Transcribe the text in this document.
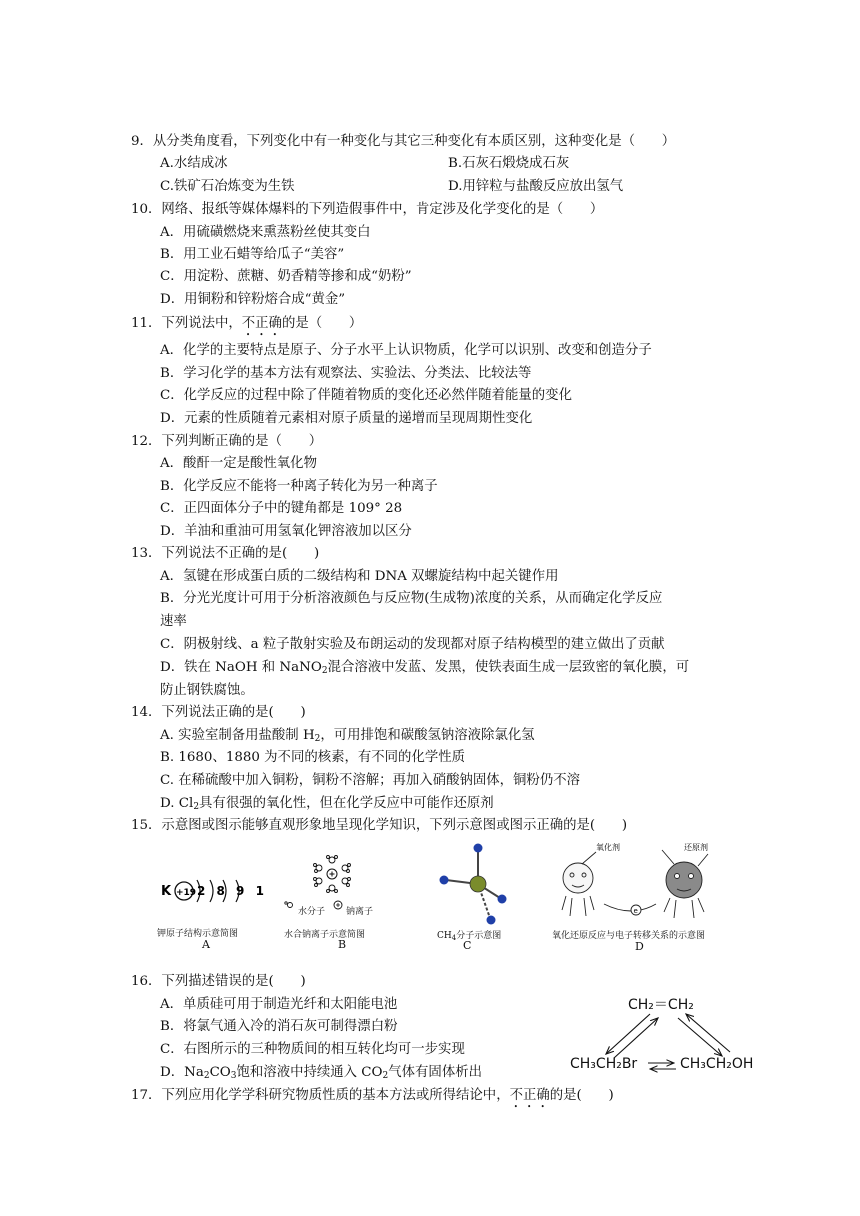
9．从分类角度看，下列变化中有一种变化与其它三种变化有本质区别，这种变化是（　　）
A.水结成冰	B.石灰石煅烧成石灰
C.铁矿石冶炼变为生铁	D.用锌粒与盐酸反应放出氢气
10．网络、报纸等媒体爆料的下列造假事件中，肯定涉及化学变化的是（　　）
A．用硫磺燃烧来熏蒸粉丝使其变白
B．用工业石蜡等给瓜子“美容”
C．用淀粉、蔗糖、奶香精等掺和成“奶粉”
D．用铜粉和锌粉熔合成“黄金”
11．下列说法中，不正确的是（　　）
A．化学的主要特点是原子、分子水平上认识物质，化学可以识别、改变和创造分子
B．学习化学的基本方法有观察法、实验法、分类法、比较法等
C．化学反应的过程中除了伴随着物质的变化还必然伴随着能量的变化
D．元素的性质随着元素相对原子质量的递增而呈现周期性变化
12．下列判断正确的是（　　）
A．酸酐一定是酸性氧化物
B．化学反应不能将一种离子转化为另一种离子
C．正四面体分子中的键角都是 109° 28
D．羊油和重油可用氢氧化钾溶液加以区分
13．下列说法不正确的是(　　)
A．氢键在形成蛋白质的二级结构和 DNA 双螺旋结构中起关键作用
B．分光光度计可用于分析溶液颜色与反应物(生成物)浓度的关系，从而确定化学反应
速率
C．阴极射线、a 粒子散射实验及布朗运动的发现都对原子结构模型的建立做出了贡献
D．铁在 NaOH 和 NaNO$_2$混合溶液中发蓝、发黑，使铁表面生成一层致密的氧化膜，可
防止钢铁腐蚀。
14．下列说法正确的是(　　)
A. 实验室制备用盐酸制 $H_2$，可用排饱和碳酸氢钠溶液除氯化氢
B. 1680、1880 为不同的核素，有不同的化学性质
C. 在稀硫酸中加入铜粉，铜粉不溶解；再加入硝酸钠固体，铜粉仍不溶
D. $Cl_2$具有很强的氧化性，但在化学反应中可能作还原剂
15．示意图或图示能够直观形象地呈现化学知识，下列示意图或图示正确的是(　　)
K +19 2 8 9 1
钾原子结构示意简图
A
水分子 钠离子
水合钠离子示意简图
B
$CH_4$分子示意图
C
e
氧化剂	还原剂
氧化还原反应与电子转移关系的示意图
D
16．下列描述错误的是(　　)
A．单质硅可用于制造光纤和太阳能电池
B．将氯气通入冷的消石灰可制得漂白粉
C．右图所示的三种物质间的相互转化均可一步实现
D．$Na_2CO_3$饱和溶液中持续通入 $CO_2$气体有固体析出
CH₂＝CH₂
CH₃CH₂Br	CH₃CH₂OH
17．下列应用化学学科研究物质性质的基本方法或所得结论中，不正确的是(　　)
